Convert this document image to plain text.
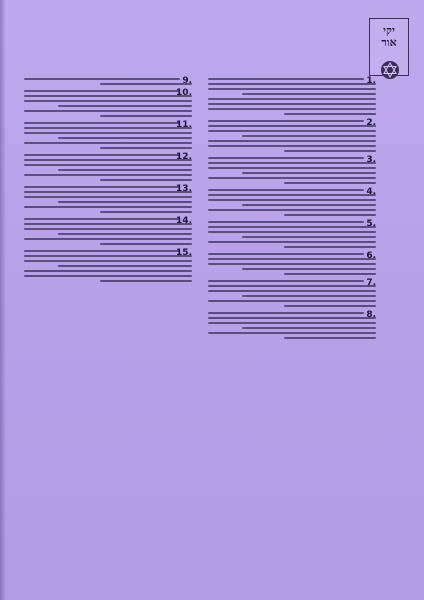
יקי
אור
1.
2.
3.
4.
5.
6.
7.
8.
9.
10.
11.
12.
13.
14.
15.
